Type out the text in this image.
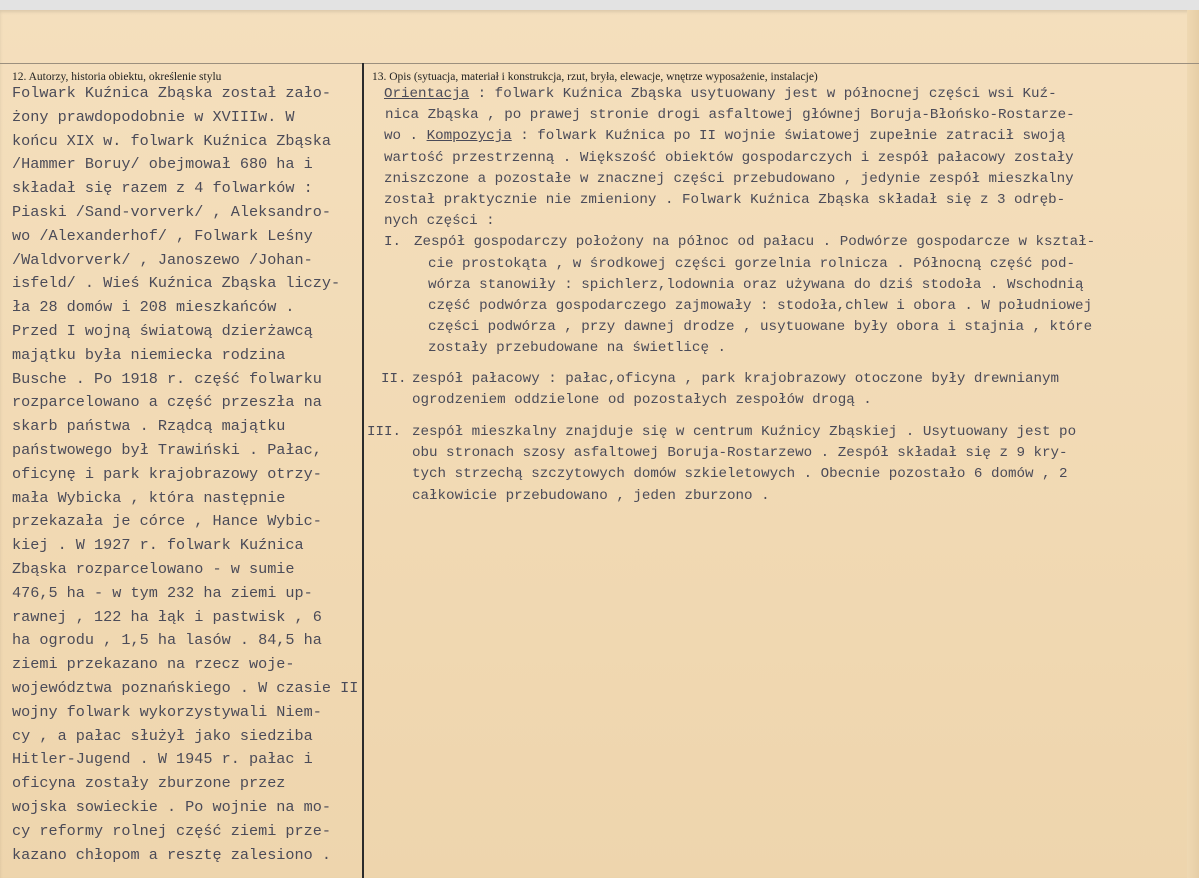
12. Autorzy, historia obiektu, określenie stylu	13. Opis (sytuacja, materiał i konstrukcja, rzut, bryła, elewacje, wnętrze wyposażenie, instalacje)
Folwark Kuźnica Zbąska został zało-
żony prawdopodobnie w XVIIIw. W
końcu XIX w. folwark Kuźnica Zbąska
/Hammer Boruy/ obejmował 680 ha i
składał się razem z 4 folwarków :
Piaski /Sand-vorverk/ , Aleksandro-
wo /Alexanderhof/ , Folwark Leśny
/Waldvorverk/ , Janoszewo /Johan-
isfeld/ . Wieś Kuźnica Zbąska liczy-
ła 28 domów i 208 mieszkańców .
Przed I wojną światową dzierżawcą
majątku była niemiecka rodzina
Busche . Po 1918 r. część folwarku
rozparcelowano a część przeszła na
skarb państwa . Rządcą majątku
państwowego był Trawiński . Pałac,
oficynę i park krajobrazowy otrzy-
mała Wybicka , która następnie
przekazała je córce , Hance Wybic-
kiej . W 1927 r. folwark Kuźnica
Zbąska rozparcelowano - w sumie
476,5 ha - w tym 232 ha ziemi up-
rawnej , 122 ha łąk i pastwisk , 6
ha ogrodu , 1,5 ha lasów . 84,5 ha
ziemi przekazano na rzecz woje-
województwa poznańskiego . W czasie II
wojny folwark wykorzystywali Niem-
cy , a pałac służył jako siedziba
Hitler-Jugend . W 1945 r. pałac i
oficyna zostały zburzone przez
wojska sowieckie . Po wojnie na mo-
cy reformy rolnej część ziemi prze-
kazano chłopom a resztę zalesiono .
Orientacja : folwark Kuźnica Zbąska usytuowany jest w północnej części wsi Kuź-
nica Zbąska , po prawej stronie drogi asfaltowej głównej Boruja-Błońsko-Rostarze-
wo . Kompozycja : folwark Kuźnica po II wojnie światowej zupełnie zatracił swoją
wartość przestrzenną . Większość obiektów gospodarczych i zespół pałacowy zostały
zniszczone a pozostałe w znacznej części przebudowano , jedynie zespół mieszkalny
został praktycznie nie zmieniony . Folwark Kuźnica Zbąska składał się z 3 odręb-
nych części :
I. Zespół gospodarczy położony na północ od pałacu . Podwórze gospodarcze w kształ-
cie prostokąta , w środkowej części gorzelnia rolnicza . Północną część pod-
wórza stanowiły : spichlerz,lodownia oraz używana do dziś stodoła . Wschodnią
część podwórza gospodarczego zajmowały : stodoła,chlew i obora . W południowej
części podwórza , przy dawnej drodze , usytuowane były obora i stajnia , które
zostały przebudowane na świetlicę .
II. zespół pałacowy : pałac,oficyna , park krajobrazowy otoczone były drewnianym
ogrodzeniem oddzielone od pozostałych zespołów drogą .
III. zespół mieszkalny znajduje się w centrum Kuźnicy Zbąskiej . Usytuowany jest po
obu stronach szosy asfaltowej Boruja-Rostarzewo . Zespół składał się z 9 kry-
tych strzechą szczytowych domów szkieletowych . Obecnie pozostało 6 domów , 2
całkowicie przebudowano , jeden zburzono .
